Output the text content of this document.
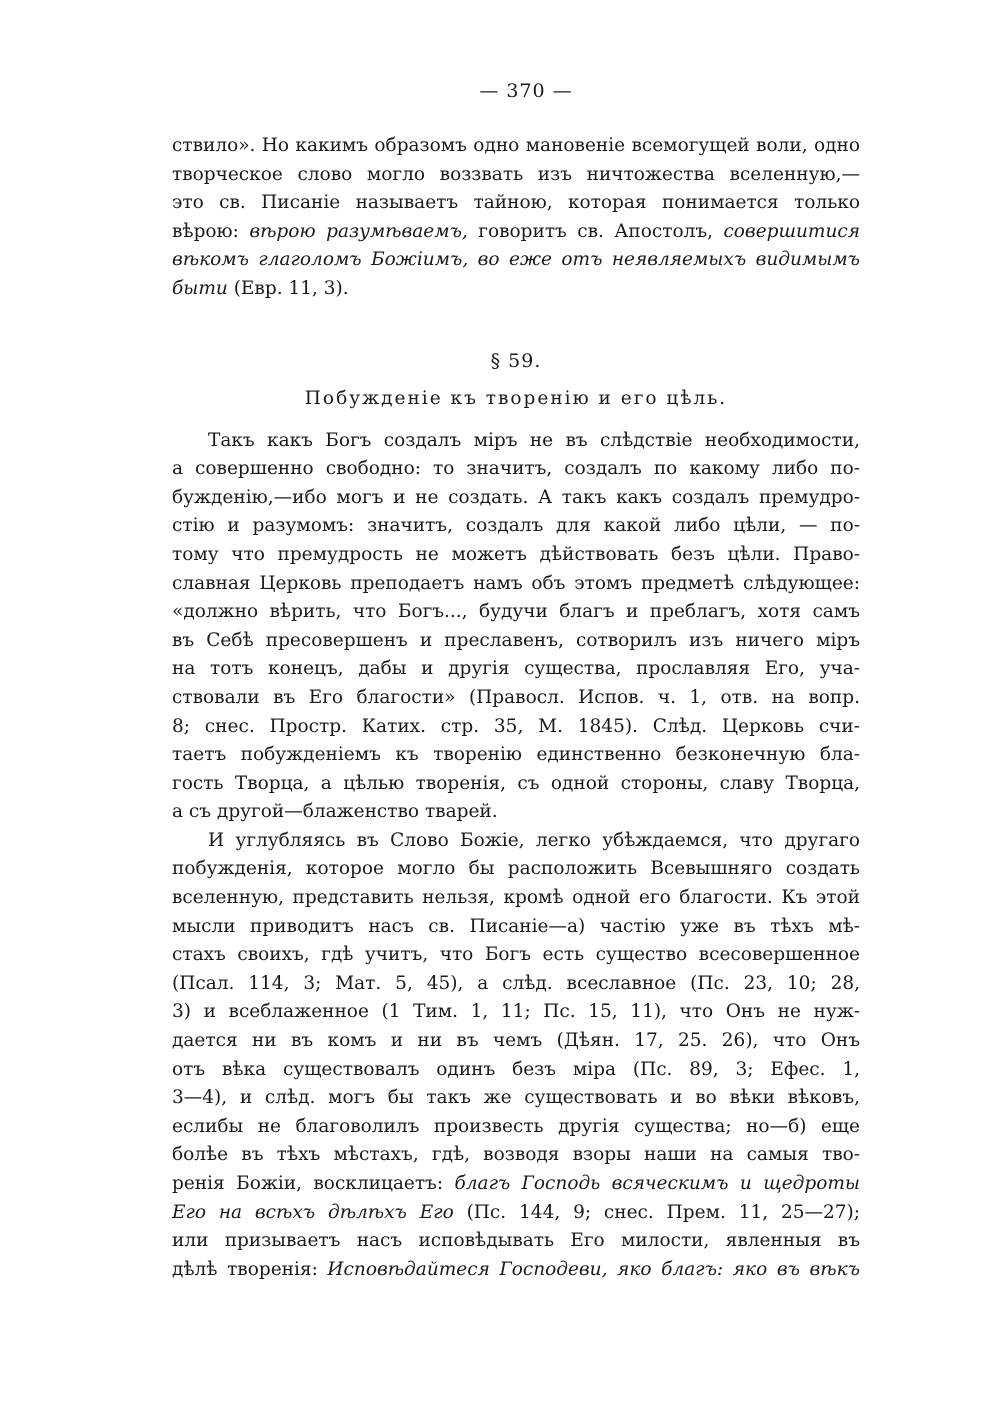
— 370 —
ствило». Но какимъ образомъ одно мановеніе всемогущей воли, одно
творческое слово могло воззвать изъ ничтожества вселенную,—
это св. Писаніе называетъ тайною, которая понимается только
вѣрою: вѣрою разумѣваемъ, говоритъ св. Апостолъ, совершитися
вѣкомъ глаголомъ Божіимъ, во еже отъ неявляемыхъ видимымъ
быти (Евр. 11, 3).
§ 59.
Побужденіе къ творенію и его цѣль.
Такъ какъ Богъ создалъ міръ не въ слѣдствіе необходимости,
а совершенно свободно: то значитъ, создалъ по какому либо по-
бужденію,—ибо могъ и не создать. А такъ какъ создалъ премудро-
стію и разумомъ: значитъ, создалъ для какой либо цѣли, — по-
тому что премудрость не можетъ дѣйствовать безъ цѣли. Право-
славная Церковь преподаетъ намъ объ этомъ предметѣ слѣдующее:
«должно вѣрить, что Богъ..., будучи благъ и преблагъ, хотя самъ
въ Себѣ пресовершенъ и преславенъ, сотворилъ изъ ничего міръ
на тотъ конецъ, дабы и другія существа, прославляя Его, уча-
ствовали въ Его благости» (Правосл. Испов. ч. 1, отв. на вопр.
8; снес. Простр. Катих. стр. 35, М. 1845). Слѣд. Церковь счи-
таетъ побужденіемъ къ творенію единственно безконечную бла-
гость Творца, а цѣлью творенія, съ одной стороны, славу Творца,
а съ другой—блаженство тварей.
И углубляясь въ Слово Божіе, легко убѣждаемся, что другаго
побужденія, которое могло бы расположить Всевышняго создать
вселенную, представить нельзя, кромѣ одной его благости. Къ этой
мысли приводитъ насъ св. Писаніе—а) частію уже въ тѣхъ мѣ-
стахъ своихъ, гдѣ учитъ, что Богъ есть существо всесовершенное
(Псал. 114, 3; Мат. 5, 45), а слѣд. всеславное (Пс. 23, 10; 28,
3) и всеблаженное (1 Тим. 1, 11; Пс. 15, 11), что Онъ не нуж-
дается ни въ комъ и ни въ чемъ (Дѣян. 17, 25. 26), что Онъ
отъ вѣка существовалъ одинъ безъ міра (Пс. 89, 3; Ефес. 1,
3—4), и слѣд. могъ бы такъ же существовать и во вѣки вѣковъ,
еслибы не благоволилъ произвесть другія существа; но—б) еще
болѣе въ тѣхъ мѣстахъ, гдѣ, возводя взоры наши на самыя тво-
ренія Божіи, восклицаетъ: благъ Господь всяческимъ и щедроты
Его на всѣхъ дѣлѣхъ Его (Пс. 144, 9; снес. Прем. 11, 25—27);
или призываетъ насъ исповѣдывать Его милости, явленныя въ
дѣлѣ творенія: Исповѣдайтеся Господеви, яко благъ: яко въ вѣкъ
